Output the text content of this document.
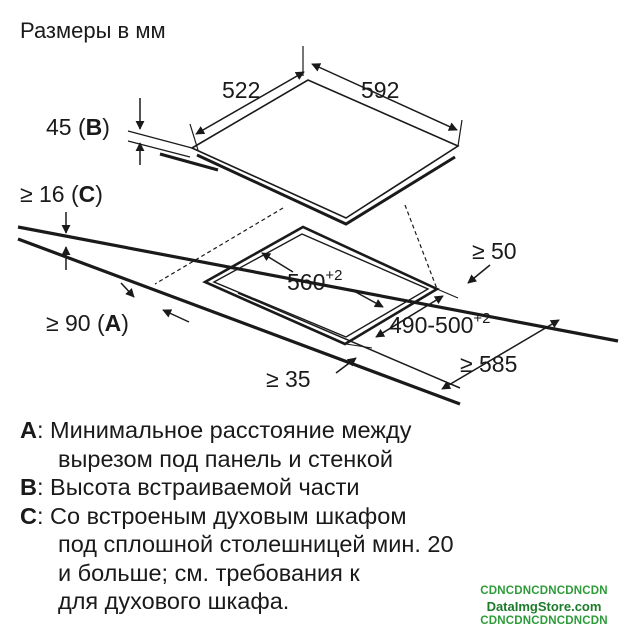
522	592
45 (B)
≥ 16 (C)
≥ 50
$560^{+2}$
$490-500^{+2}$
≥ 90 (A)
≥ 35
≥ 585
Размеры в мм
A: Минимальное расстояние между
вырезом под панель и стенкой
B: Высота встраиваемой части
C: Со встроеным духовым шкафом
под сплошной столешницей мин. 20
и больше; см. требования к
для духового шкафа.	CDNCDNCDNCDNCDN
DataImgStore.com
CDNCDNCDNCDNCDN
